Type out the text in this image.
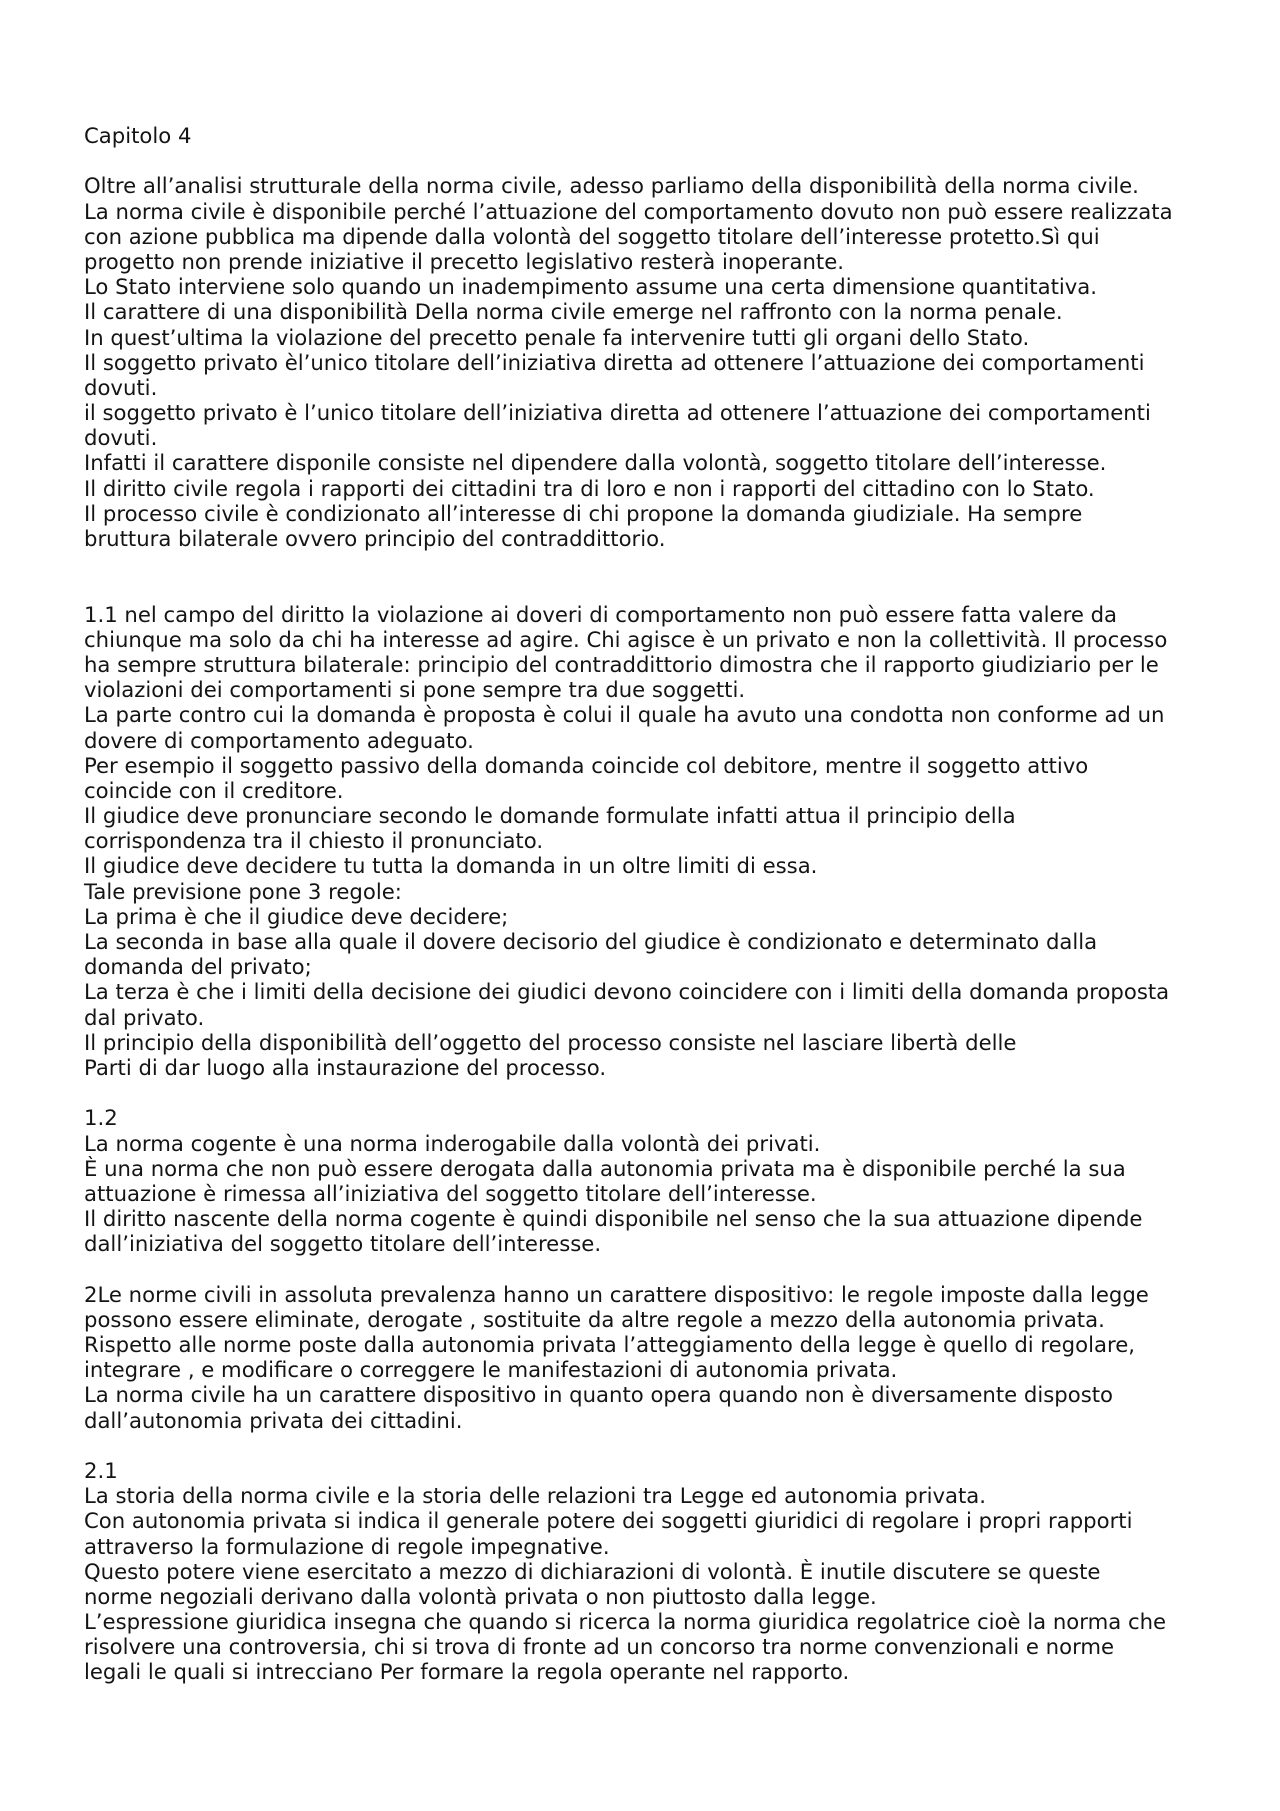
Capitolo 4
Oltre all’analisi strutturale della norma civile, adesso parliamo della disponibilità della norma civile.
La norma civile è disponibile perché l’attuazione del comportamento dovuto non può essere realizzata
con azione pubblica ma dipende dalla volontà del soggetto titolare dell’interesse protetto.Sì qui
progetto non prende iniziative il precetto legislativo resterà inoperante.
Lo Stato interviene solo quando un inadempimento assume una certa dimensione quantitativa.
Il carattere di una disponibilità Della norma civile emerge nel raffronto con la norma penale.
In quest’ultima la violazione del precetto penale fa intervenire tutti gli organi dello Stato.
Il soggetto privato èl’unico titolare dell’iniziativa diretta ad ottenere l’attuazione dei comportamenti
dovuti.
il soggetto privato è l’unico titolare dell’iniziativa diretta ad ottenere l’attuazione dei comportamenti
dovuti.
Infatti il carattere disponile consiste nel dipendere dalla volontà, soggetto titolare dell’interesse.
Il diritto civile regola i rapporti dei cittadini tra di loro e non i rapporti del cittadino con lo Stato.
Il processo civile è condizionato all’interesse di chi propone la domanda giudiziale. Ha sempre
bruttura bilaterale ovvero principio del contraddittorio.
1.1 nel campo del diritto la violazione ai doveri di comportamento non può essere fatta valere da
chiunque ma solo da chi ha interesse ad agire. Chi agisce è un privato e non la collettività. Il processo
ha sempre struttura bilaterale: principio del contraddittorio dimostra che il rapporto giudiziario per le
violazioni dei comportamenti si pone sempre tra due soggetti.
La parte contro cui la domanda è proposta è colui il quale ha avuto una condotta non conforme ad un
dovere di comportamento adeguato.
Per esempio il soggetto passivo della domanda coincide col debitore, mentre il soggetto attivo
coincide con il creditore.
Il giudice deve pronunciare secondo le domande formulate infatti attua il principio della
corrispondenza tra il chiesto il pronunciato.
Il giudice deve decidere tu tutta la domanda in un oltre limiti di essa.
Tale previsione pone 3 regole:
La prima è che il giudice deve decidere;
La seconda in base alla quale il dovere decisorio del giudice è condizionato e determinato dalla
domanda del privato;
La terza è che i limiti della decisione dei giudici devono coincidere con i limiti della domanda proposta
dal privato.
Il principio della disponibilità dell’oggetto del processo consiste nel lasciare libertà delle
Parti di dar luogo alla instaurazione del processo.
1.2
La norma cogente è una norma inderogabile dalla volontà dei privati.
È una norma che non può essere derogata dalla autonomia privata ma è disponibile perché la sua
attuazione è rimessa all’iniziativa del soggetto titolare dell’interesse.
Il diritto nascente della norma cogente è quindi disponibile nel senso che la sua attuazione dipende
dall’iniziativa del soggetto titolare dell’interesse.
2Le norme civili in assoluta prevalenza hanno un carattere dispositivo: le regole imposte dalla legge
possono essere eliminate, derogate , sostituite da altre regole a mezzo della autonomia privata.
Rispetto alle norme poste dalla autonomia privata l’atteggiamento della legge è quello di regolare,
integrare , e modificare o correggere le manifestazioni di autonomia privata.
La norma civile ha un carattere dispositivo in quanto opera quando non è diversamente disposto
dall’autonomia privata dei cittadini.
2.1
La storia della norma civile e la storia delle relazioni tra Legge ed autonomia privata.
Con autonomia privata si indica il generale potere dei soggetti giuridici di regolare i propri rapporti
attraverso la formulazione di regole impegnative.
Questo potere viene esercitato a mezzo di dichiarazioni di volontà. È inutile discutere se queste
norme negoziali derivano dalla volontà privata o non piuttosto dalla legge.
L’espressione giuridica insegna che quando si ricerca la norma giuridica regolatrice cioè la norma che
risolvere una controversia, chi si trova di fronte ad un concorso tra norme convenzionali e norme
legali le quali si intrecciano Per formare la regola operante nel rapporto.
